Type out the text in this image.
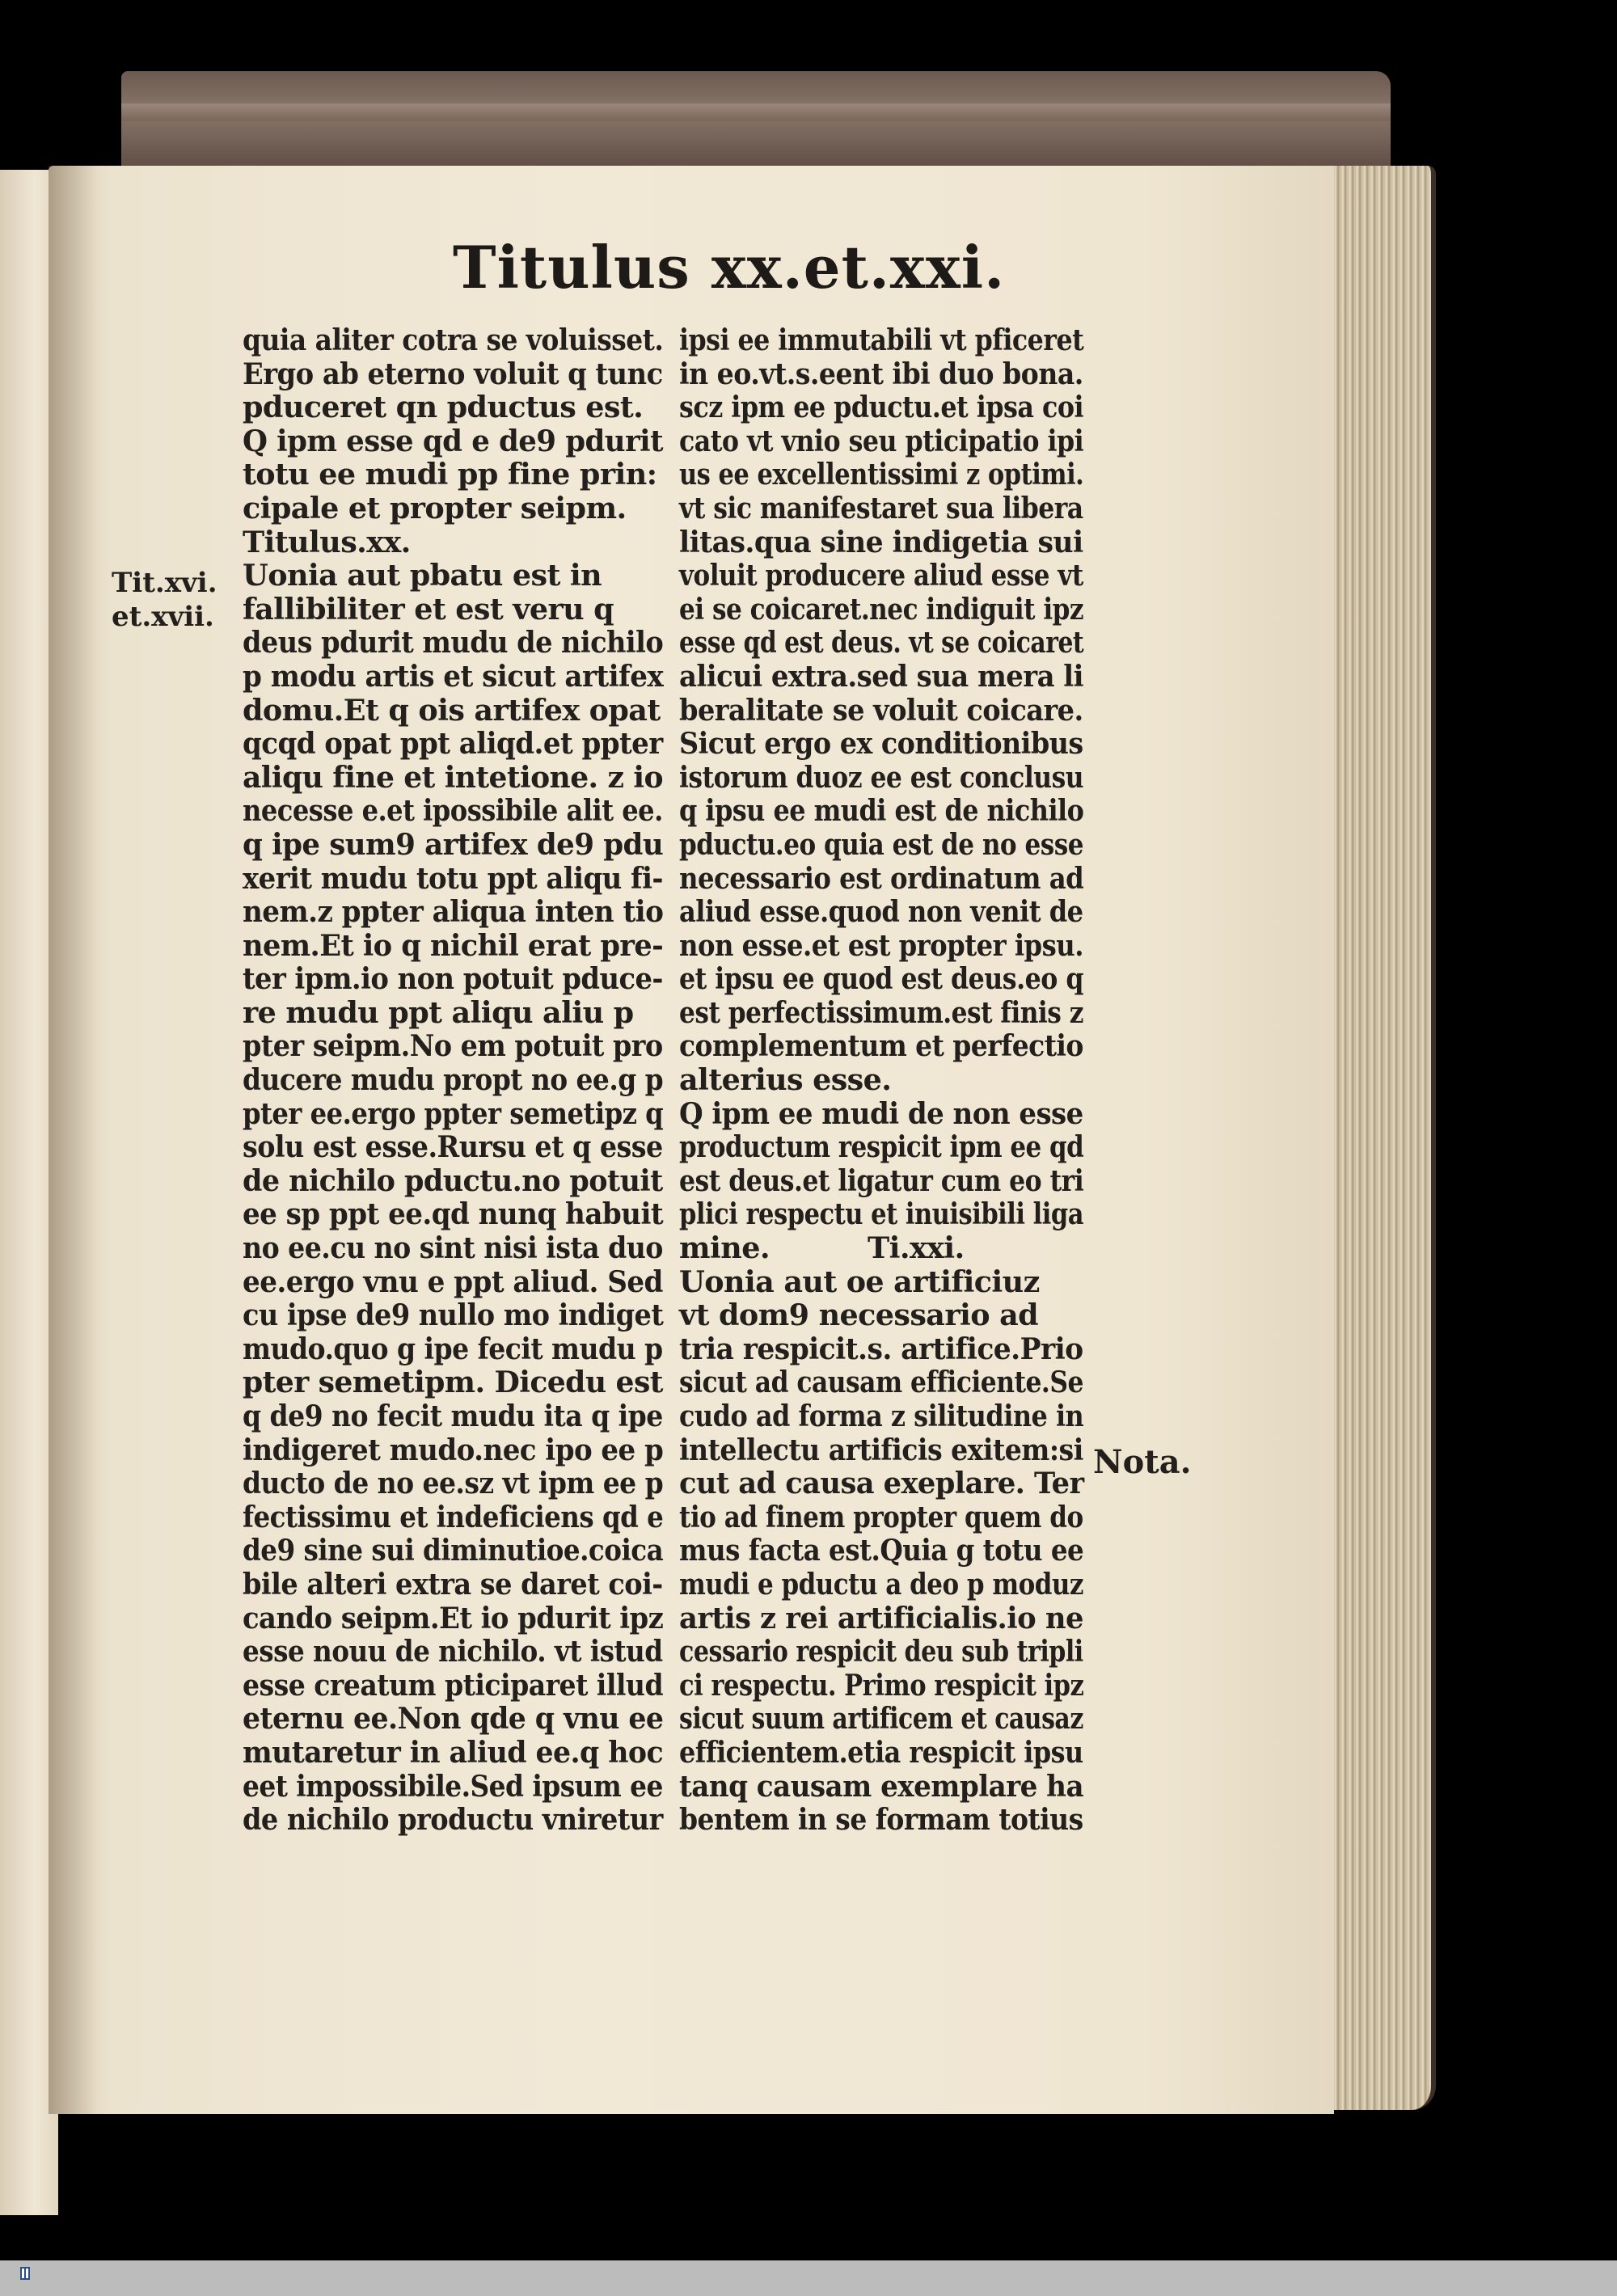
Titulus xx.et.xxi.
Tit.xvi.
et.xvii.
Nota.
quia aliter cotra se voluisset.
Ergo ab eterno voluit q tunc
pduceret qn pductus est.
Q ipm esse qd e de9 pdurit
totu ee mudi pp fine prin:
cipale et propter seipm.
Titulus.xx.
Uonia aut pbatu est in
fallibiliter et est veru q
deus pdurit mudu de nichilo
p modu artis et sicut artifex
domu.Et q ois artifex opat
qcqd opat ppt aliqd.et ppter
aliqu fine et intetione. z io
necesse e.et ipossibile alit ee.
q ipe sum9 artifex de9 pdu
xerit mudu totu ppt aliqu fi-
nem.z ppter aliqua inten tio
nem.Et io q nichil erat pre-
ter ipm.io non potuit pduce-
re mudu ppt aliqu aliu p
pter seipm.No em potuit pro
ducere mudu propt no ee.g p
pter ee.ergo ppter semetipz q
solu est esse.Rursu et q esse
de nichilo pductu.no potuit
ee sp ppt ee.qd nunq habuit
no ee.cu no sint nisi ista duo
ee.ergo vnu e ppt aliud. Sed
cu ipse de9 nullo mo indiget
mudo.quo g ipe fecit mudu p
pter semetipm. Dicedu est
q de9 no fecit mudu ita q ipe
indigeret mudo.nec ipo ee p
ducto de no ee.sz vt ipm ee p
fectissimu et indeficiens qd e
de9 sine sui diminutioe.coica
bile alteri extra se daret coi-
cando seipm.Et io pdurit ipz
esse nouu de nichilo. vt istud
esse creatum pticiparet illud
eternu ee.Non qde q vnu ee
mutaretur in aliud ee.q hoc
eet impossibile.Sed ipsum ee
de nichilo productu vniretur
ipsi ee immutabili vt pficeret
in eo.vt.s.eent ibi duo bona.
scz ipm ee pductu.et ipsa coi
cato vt vnio seu pticipatio ipi
us ee excellentissimi z optimi.
vt sic manifestaret sua libera
litas.qua sine indigetia sui
voluit producere aliud esse vt
ei se coicaret.nec indiguit ipz
esse qd est deus. vt se coicaret
alicui extra.sed sua mera li
beralitate se voluit coicare.
Sicut ergo ex conditionibus
istorum duoz ee est conclusu
q ipsu ee mudi est de nichilo
pductu.eo quia est de no esse
necessario est ordinatum ad
aliud esse.quod non venit de
non esse.et est propter ipsu.
et ipsu ee quod est deus.eo q
est perfectissimum.est finis z
complementum et perfectio
alterius esse.
Q ipm ee mudi de non esse
productum respicit ipm ee qd
est deus.et ligatur cum eo tri
plici respectu et inuisibili liga
mine.          Ti.xxi.
Uonia aut oe artificiuz
vt dom9 necessario ad
tria respicit.s. artifice.Prio
sicut ad causam efficiente.Se
cudo ad forma z silitudine in
intellectu artificis exitem:si
cut ad causa exeplare. Ter
tio ad finem propter quem do
mus facta est.Quia g totu ee
mudi e pductu a deo p moduz
artis z rei artificialis.io ne
cessario respicit deu sub tripli
ci respectu. Primo respicit ipz
sicut suum artificem et causaz
efficientem.etia respicit ipsu
tanq causam exemplare ha
bentem in se formam totius
